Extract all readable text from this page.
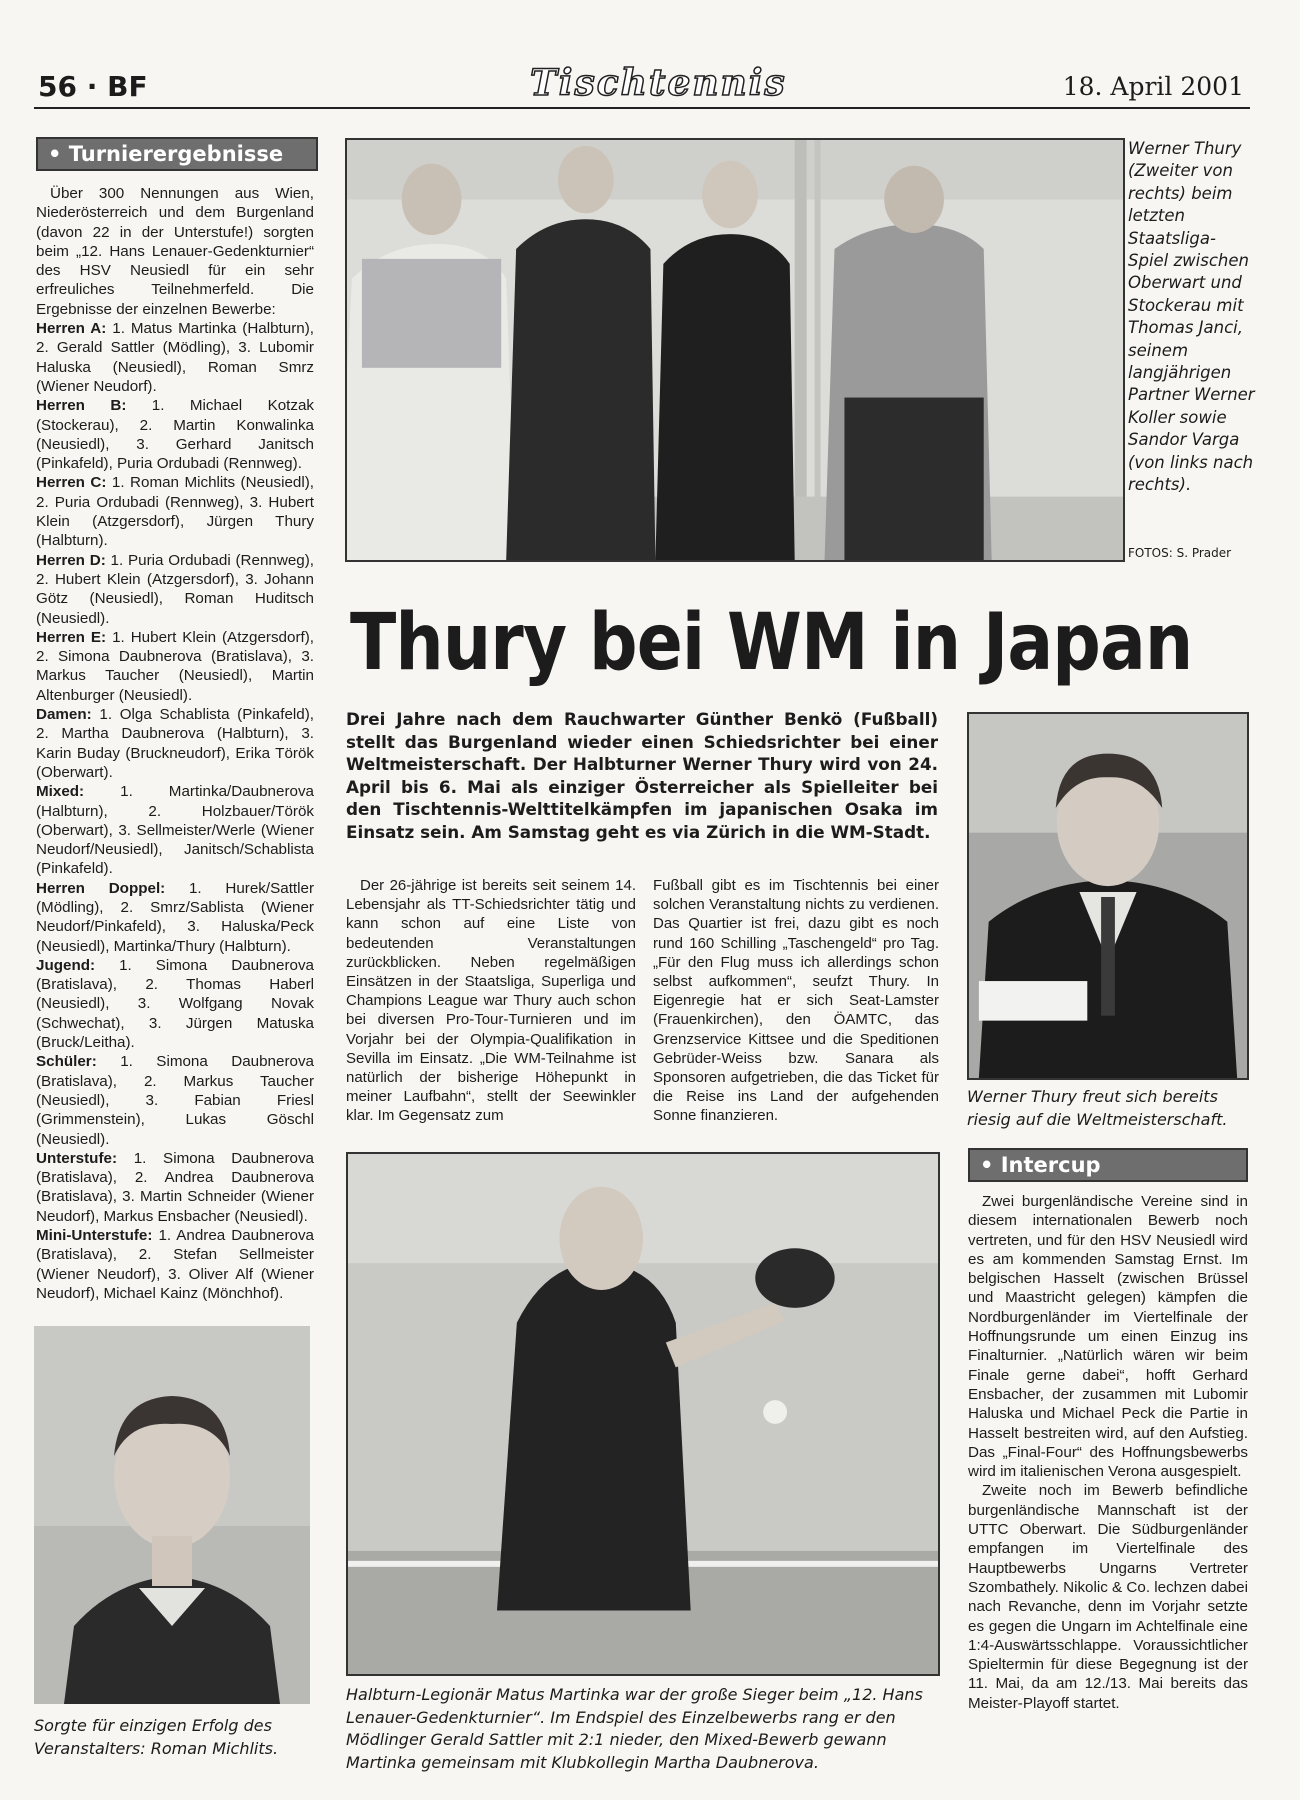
56 · BF	Tischtennis	18. April 2001
• Turnierergebnisse

Über 300 Nennungen aus Wien, Niederösterreich und dem Burgenland (davon 22 in der Unterstufe!) sorgten beim „12. Hans Lenauer-Gedenkturnier“ des HSV Neusiedl für ein sehr erfreuliches Teilnehmerfeld. Die Ergebnisse der einzelnen Bewerbe:

Herren A: 1. Matus Martinka (Halbturn), 2. Gerald Sattler (Mödling), 3. Lubomir Haluska (Neusiedl), Roman Smrz (Wiener Neudorf).

Herren B: 1. Michael Kotzak (Stockerau), 2. Martin Konwalinka (Neusiedl), 3. Gerhard Janitsch (Pinkafeld), Puria Ordubadi (Rennweg).

Herren C: 1. Roman Michlits (Neusiedl), 2. Puria Ordubadi (Rennweg), 3. Hubert Klein (Atzgersdorf), Jürgen Thury (Halbturn).

Herren D: 1. Puria Ordubadi (Rennweg), 2. Hubert Klein (Atzgersdorf), 3. Johann Götz (Neusiedl), Roman Huditsch (Neusiedl).

Herren E: 1. Hubert Klein (Atzgersdorf), 2. Simona Daubnerova (Bratislava), 3. Markus Taucher (Neusiedl), Martin Altenburger (Neusiedl).

Damen: 1. Olga Schablista (Pinkafeld), 2. Martha Daubnerova (Halbturn), 3. Karin Buday (Bruckneudorf), Erika Török (Oberwart).

Mixed: 1. Martinka/Daubnerova (Halbturn), 2. Holzbauer/Török (Oberwart), 3. Sellmeister/Werle (Wiener Neudorf/Neusiedl), Janitsch/Schablista (Pinkafeld).

Herren Doppel: 1. Hurek/Sattler (Mödling), 2. Smrz/Sablista (Wiener Neudorf/Pinkafeld), 3. Haluska/Peck (Neusiedl), Martinka/Thury (Halbturn).

Jugend: 1. Simona Daubnerova (Bratislava), 2. Thomas Haberl (Neusiedl), 3. Wolfgang Novak (Schwechat), 3. Jürgen Matuska (Bruck/Leitha).

Schüler: 1. Simona Daubnerova (Bratislava), 2. Markus Taucher (Neusiedl), 3. Fabian Friesl (Grimmenstein), Lukas Göschl (Neusiedl).

Unterstufe: 1. Simona Daubnerova (Bratislava), 2. Andrea Daubnerova (Bratislava), 3. Martin Schneider (Wiener Neudorf), Markus Ensbacher (Neusiedl).

Mini-Unterstufe: 1. Andrea Daubnerova (Bratislava), 2. Stefan Sellmeister (Wiener Neudorf), 3. Oliver Alf (Wiener Neudorf), Michael Kainz (Mönchhof).

Sorgte für einzigen Erfolg des Veranstalters: Roman Michlits.
Werner Thury (Zweiter von rechts) beim letzten Staatsliga-Spiel zwischen Oberwart und Stockerau mit Thomas Janci, seinem langjährigen Partner Werner Koller sowie Sandor Varga (von links nach rechts).
FOTOS: S. Prader
Thury bei WM in Japan
Drei Jahre nach dem Rauchwarter Günther Benkö (Fußball) stellt das Burgenland wieder einen Schiedsrichter bei einer Weltmeisterschaft. Der Halbturner Werner Thury wird von 24. April bis 6. Mai als einziger Österreicher als Spielleiter bei den Tischtennis-Welttitelkämpfen im japanischen Osaka im Einsatz sein. Am Samstag geht es via Zürich in die WM-Stadt.

Der 26-jährige ist bereits seit seinem 14. Lebensjahr als TT-Schiedsrichter tätig und kann schon auf eine Liste von bedeutenden Veranstaltungen zurückblicken. Neben regelmäßigen Einsätzen in der Staatsliga, Superliga und Champions League war Thury auch schon bei diversen Pro-Tour-Turnieren und im Vorjahr bei der Olympia-Qualifikation in Sevilla im Einsatz. „Die WM-Teilnahme ist natürlich der bisherige Höhepunkt in meiner Laufbahn“, stellt der Seewinkler klar. Im Gegensatz zum

Fußball gibt es im Tischtennis bei einer solchen Veranstaltung nichts zu verdienen. Das Quartier ist frei, dazu gibt es noch rund 160 Schilling „Taschengeld“ pro Tag. „Für den Flug muss ich allerdings schon selbst aufkommen“, seufzt Thury. In Eigenregie hat er sich Seat-Lamster (Frauenkirchen), den ÖAMTC, das Grenzservice Kittsee und die Speditionen Gebrüder-Weiss bzw. Sanara als Sponsoren aufgetrieben, die das Ticket für die Reise ins Land der aufgehenden Sonne finanzieren.

Werner Thury freut sich bereits riesig auf die Weltmeisterschaft.
• Intercup

Zwei burgenländische Vereine sind in diesem internationalen Bewerb noch vertreten, und für den HSV Neusiedl wird es am kommenden Samstag Ernst. Im belgischen Hasselt (zwischen Brüssel und Maastricht gelegen) kämpfen die Nordburgenländer im Viertelfinale der Hoffnungsrunde um einen Einzug ins Finalturnier. „Natürlich wären wir beim Finale gerne dabei“, hofft Gerhard Ensbacher, der zusammen mit Lubomir Haluska und Michael Peck die Partie in Hasselt bestreiten wird, auf den Aufstieg. Das „Final-Four“ des Hoffnungsbewerbs wird im italienischen Verona ausgespielt.

Zweite noch im Bewerb befindliche burgenländische Mannschaft ist der UTTC Oberwart. Die Südburgenländer empfangen im Viertelfinale des Hauptbewerbs Ungarns Vertreter Szombathely. Nikolic & Co. lechzen dabei nach Revanche, denn im Vorjahr setzte es gegen die Ungarn im Achtelfinale eine 1:4-Auswärtsschlappe. Voraussichtlicher Spieltermin für diese Begegnung ist der 11. Mai, da am 12./13. Mai bereits das Meister-Playoff startet.

Halbturn-Legionär Matus Martinka war der große Sieger beim „12. Hans Lenauer-Gedenkturnier“. Im Endspiel des Einzelbewerbs rang er den Mödlinger Gerald Sattler mit 2:1 nieder, den Mixed-Bewerb gewann Martinka gemeinsam mit Klubkollegin Martha Daubnerova.
